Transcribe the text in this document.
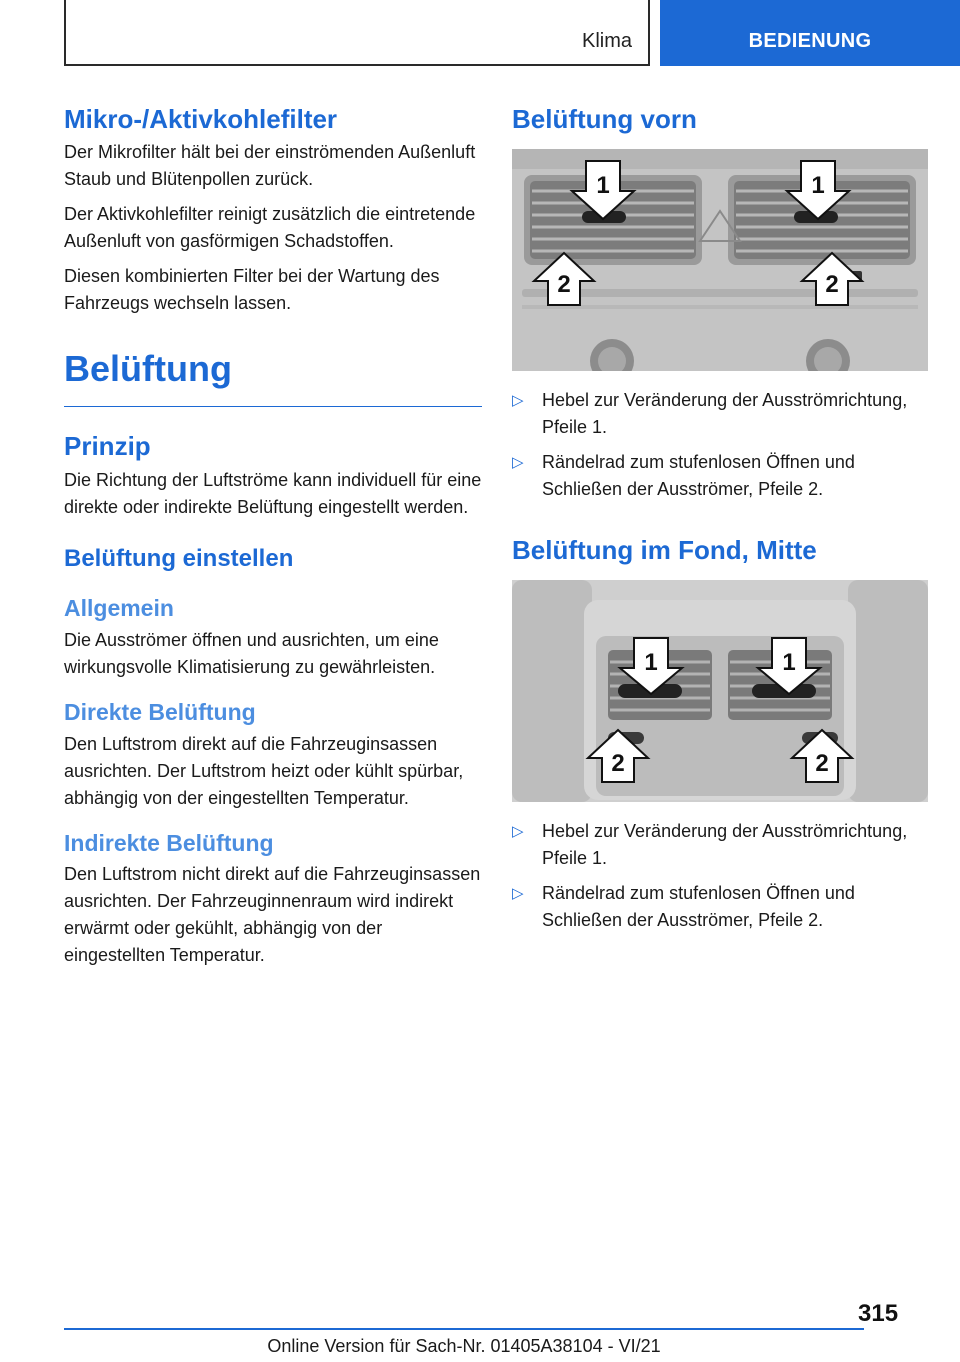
Klima	BEDIENUNG
Mikro-/Aktivkohlefilter

Der Mikrofilter hält bei der einströmenden Außenluft Staub und Blütenpollen zurück.

Der Aktivkohlefilter reinigt zusätzlich die eintretende Außenluft von gasförmigen Schadstoffen.

Diesen kombinierten Filter bei der Wartung des Fahrzeugs wechseln lassen.

Belüftung
Prinzip

Die Richtung der Luftströme kann individuell für eine direkte oder indirekte Belüftung eingestellt werden.

Belüftung einstellen
Allgemein

Die Ausströmer öffnen und ausrichten, um eine wirkungsvolle Klimatisierung zu gewährleisten.

Direkte Belüftung

Den Luftstrom direkt auf die Fahrzeuginsassen ausrichten. Der Luftstrom heizt oder kühlt spürbar, abhängig von der eingestellten Temperatur.

Indirekte Belüftung

Den Luftstrom nicht direkt auf die Fahrzeuginsassen ausrichten. Der Fahrzeuginnenraum wird indirekt erwärmt oder gekühlt, abhängig von der eingestellten Temperatur.

Belüftung vorn
1	1
2	2
▷ Hebel zur Veränderung der Ausströmrichtung, Pfeile 1.
▷ Rändelrad zum stufenlosen Öffnen und Schließen der Ausströmer, Pfeile 2.
Belüftung im Fond, Mitte
1	1
2	2
▷ Hebel zur Veränderung der Ausströmrichtung, Pfeile 1.
▷ Rändelrad zum stufenlosen Öffnen und Schließen der Ausströmer, Pfeile 2.
315
Online Version für Sach-Nr. 01405A38104 - VI/21
